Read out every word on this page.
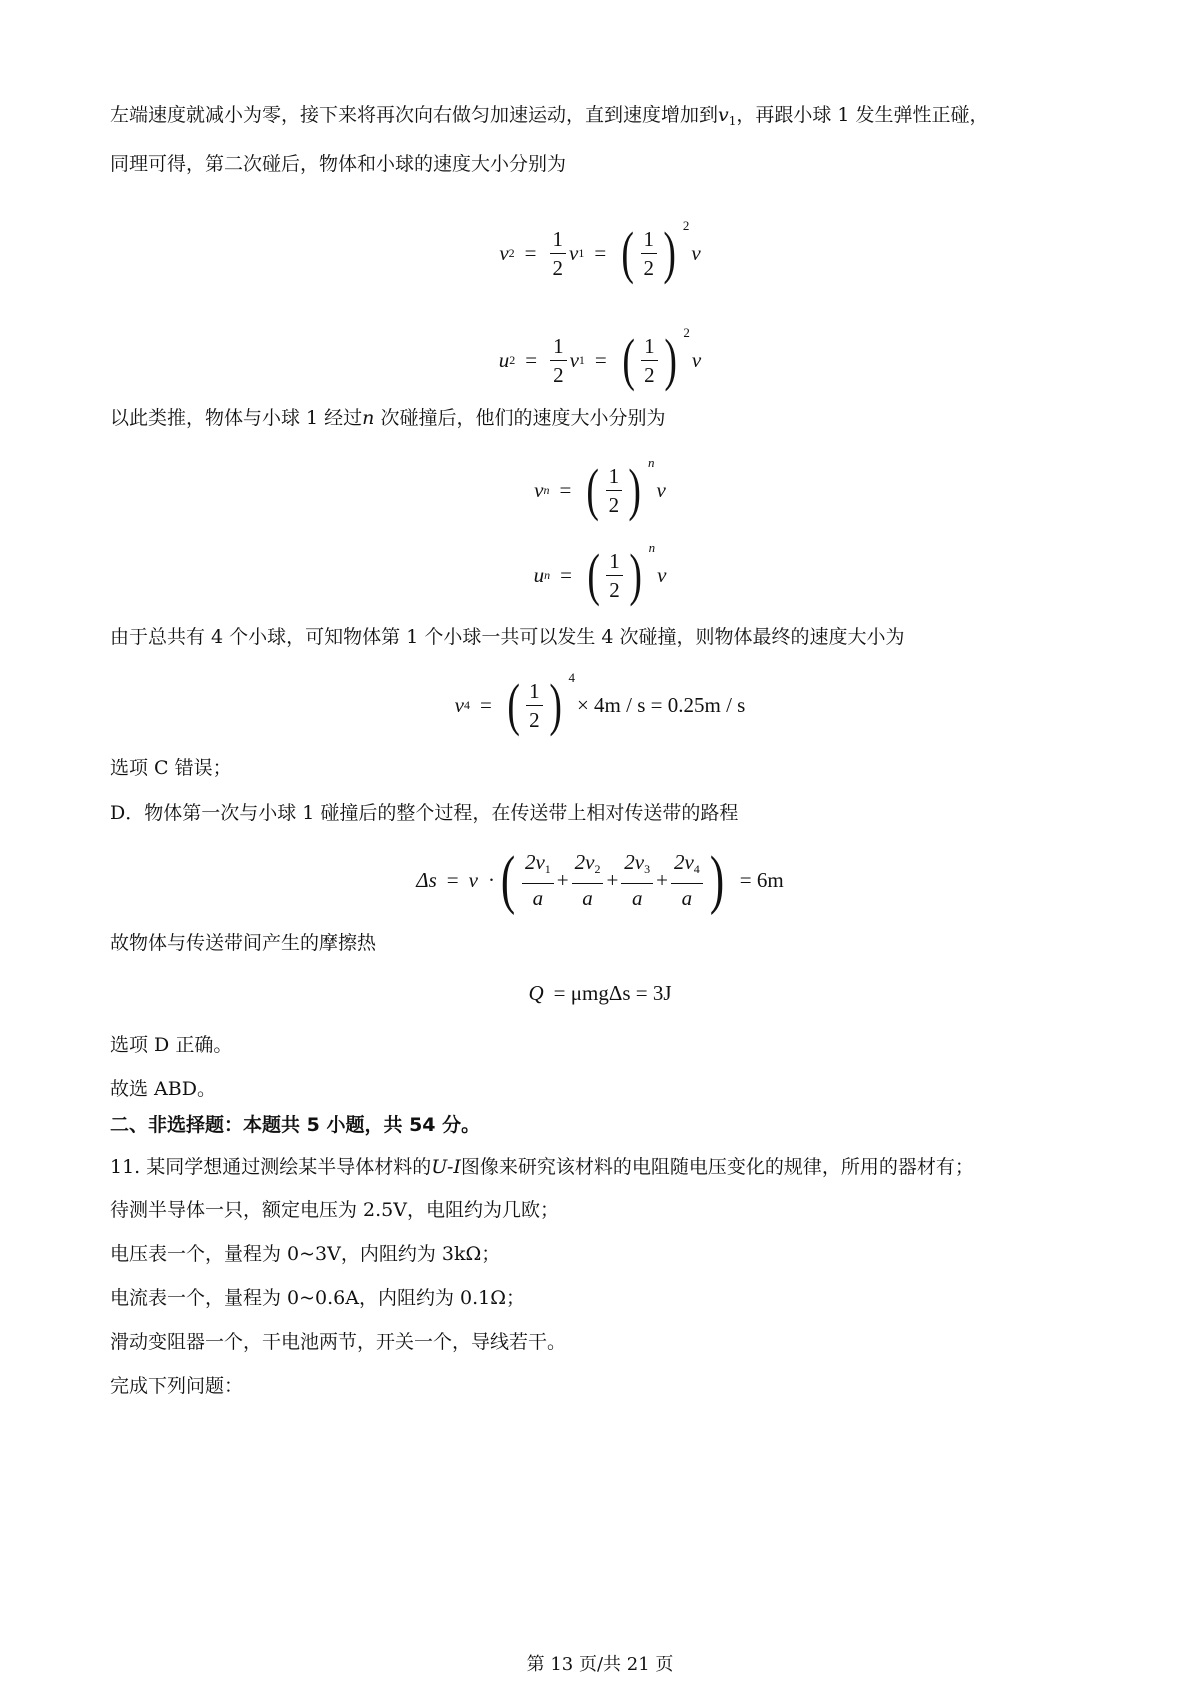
左端速度就减小为零，接下来将再次向右做匀加速运动，直到速度增加到$v_1$，再跟小球 1 发生弹性正碰，
同理可得，第二次碰后，物体和小球的速度大小分别为
v $2 = \frac{1}{2}$ v 1 = ( $\frac{1}{2}$ ) 2
v
u $2 = \frac{1}{2}$ v 1 = ( $\frac{1}{2}$ ) 2
v
以此类推，物体与小球 1 经过n 次碰撞后，他们的速度大小分别为
v n = ( $\frac{1}{2}$ ) n
v
u n = ( $\frac{1}{2}$ ) n
v
由于总共有 4 个小球，可知物体第 1 个小球一共可以发生 4 次碰撞，则物体最终的速度大小为
v 4 = ( $\frac{1}{2}$ ) 4
× 4m / s = 0.25m / s
选项 C 错误；
D．物体第一次与小球 1 碰撞后的整个过程，在传送带上相对传送带的路程
Δs = v · ( $\frac{2v_1}{a} + \frac{2v_2}{a} + \frac{2v_3}{a} + \frac{2v_4}{a}$ ) = 6m
故物体与传送带间产生的摩擦热
Q = μmgΔs = 3J
选项 D 正确。
故选 ABD。
二、非选择题：本题共 5 小题，共 54 分。
11. 某同学想通过测绘某半导体材料的U-I图像来研究该材料的电阻随电压变化的规律，所用的器材有；
待测半导体一只，额定电压为 2.5V，电阻约为几欧；
电压表一个，量程为 0~3V，内阻约为 3kΩ；
电流表一个，量程为 0~0.6A，内阻约为 0.1Ω；
滑动变阻器一个，干电池两节，开关一个，导线若干。
完成下列问题：
第 13 页/共 21 页
